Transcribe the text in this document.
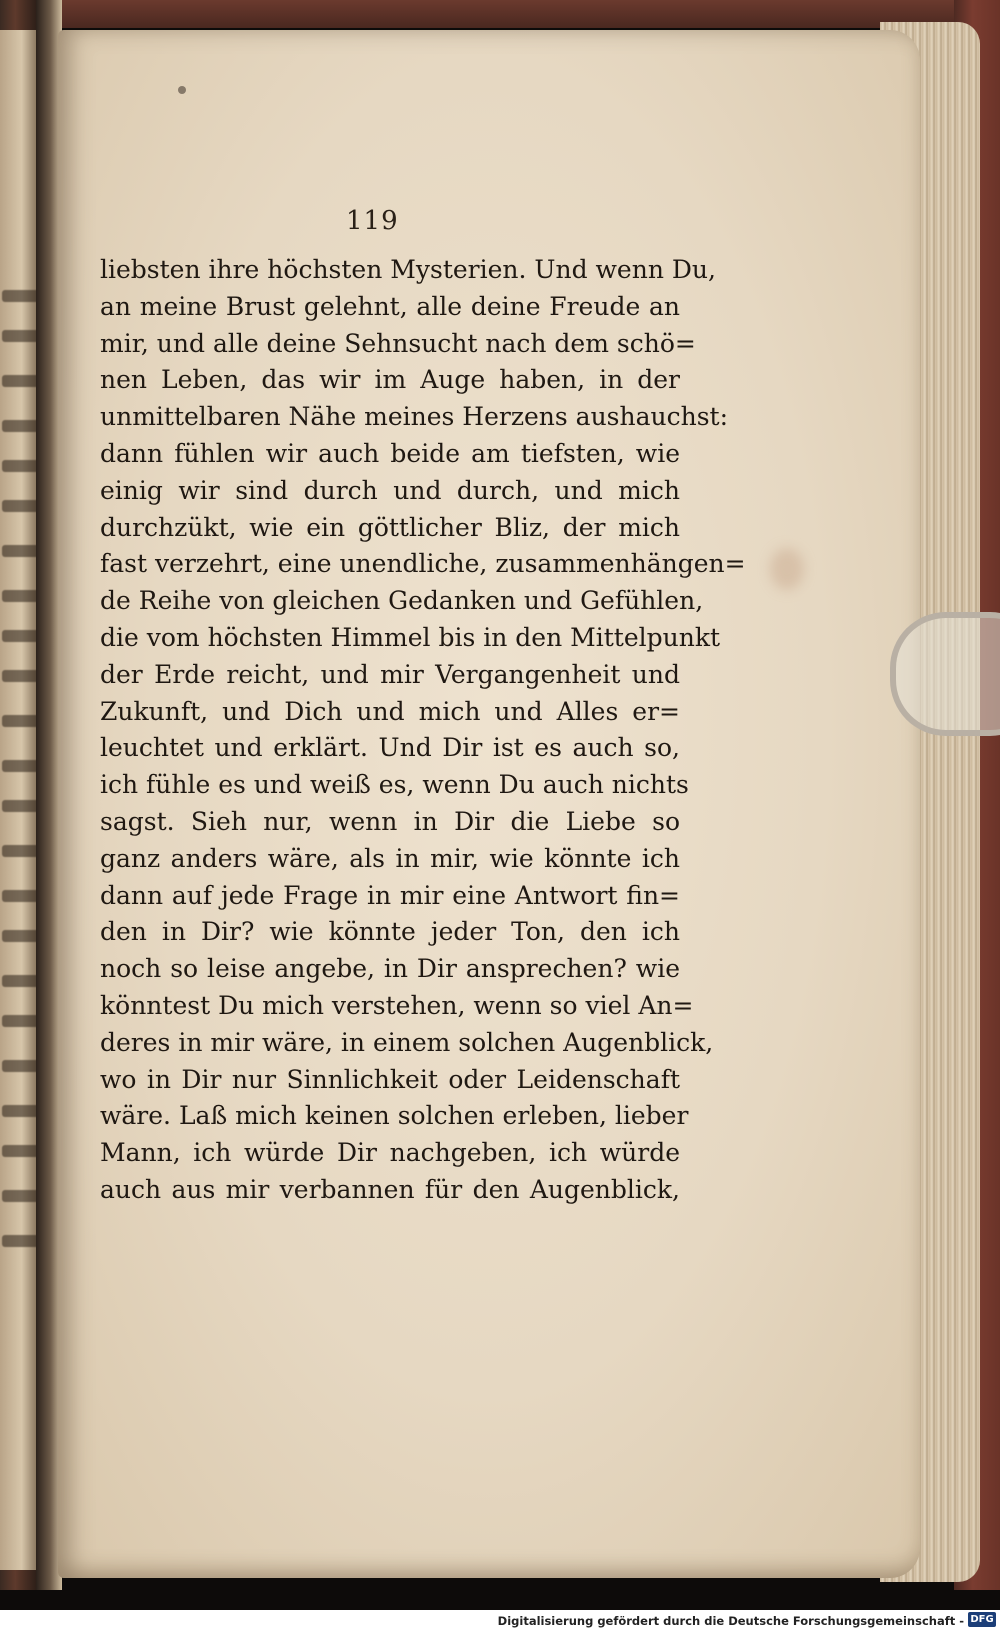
119
liebsten ihre höchsten Mysterien. Und wenn Du,
an meine Brust gelehnt, alle deine Freude an
mir, und alle deine Sehnsucht nach dem schö=
nen Leben, das wir im Auge haben, in der
unmittelbaren Nähe meines Herzens aushauchst:
dann fühlen wir auch beide am tiefsten, wie
einig wir sind durch und durch, und mich
durchzükt, wie ein göttlicher Bliz, der mich
fast verzehrt, eine unendliche, zusammenhängen=
de Reihe von gleichen Gedanken und Gefühlen,
die vom höchsten Himmel bis in den Mittelpunkt
der Erde reicht, und mir Vergangenheit und
Zukunft, und Dich und mich und Alles er=
leuchtet und erklärt. Und Dir ist es auch so,
ich fühle es und weiß es, wenn Du auch nichts
sagst. Sieh nur, wenn in Dir die Liebe so
ganz anders wäre, als in mir, wie könnte ich
dann auf jede Frage in mir eine Antwort fin=
den in Dir? wie könnte jeder Ton, den ich
noch so leise angebe, in Dir ansprechen? wie
könntest Du mich verstehen, wenn so viel An=
deres in mir wäre, in einem solchen Augenblick,
wo in Dir nur Sinnlichkeit oder Leidenschaft
wäre. Laß mich keinen solchen erleben, lieber
Mann, ich würde Dir nachgeben, ich würde
auch aus mir verbannen für den Augenblick,
Digitalisierung gefördert durch die Deutsche Forschungsgemeinschaft - DFG
